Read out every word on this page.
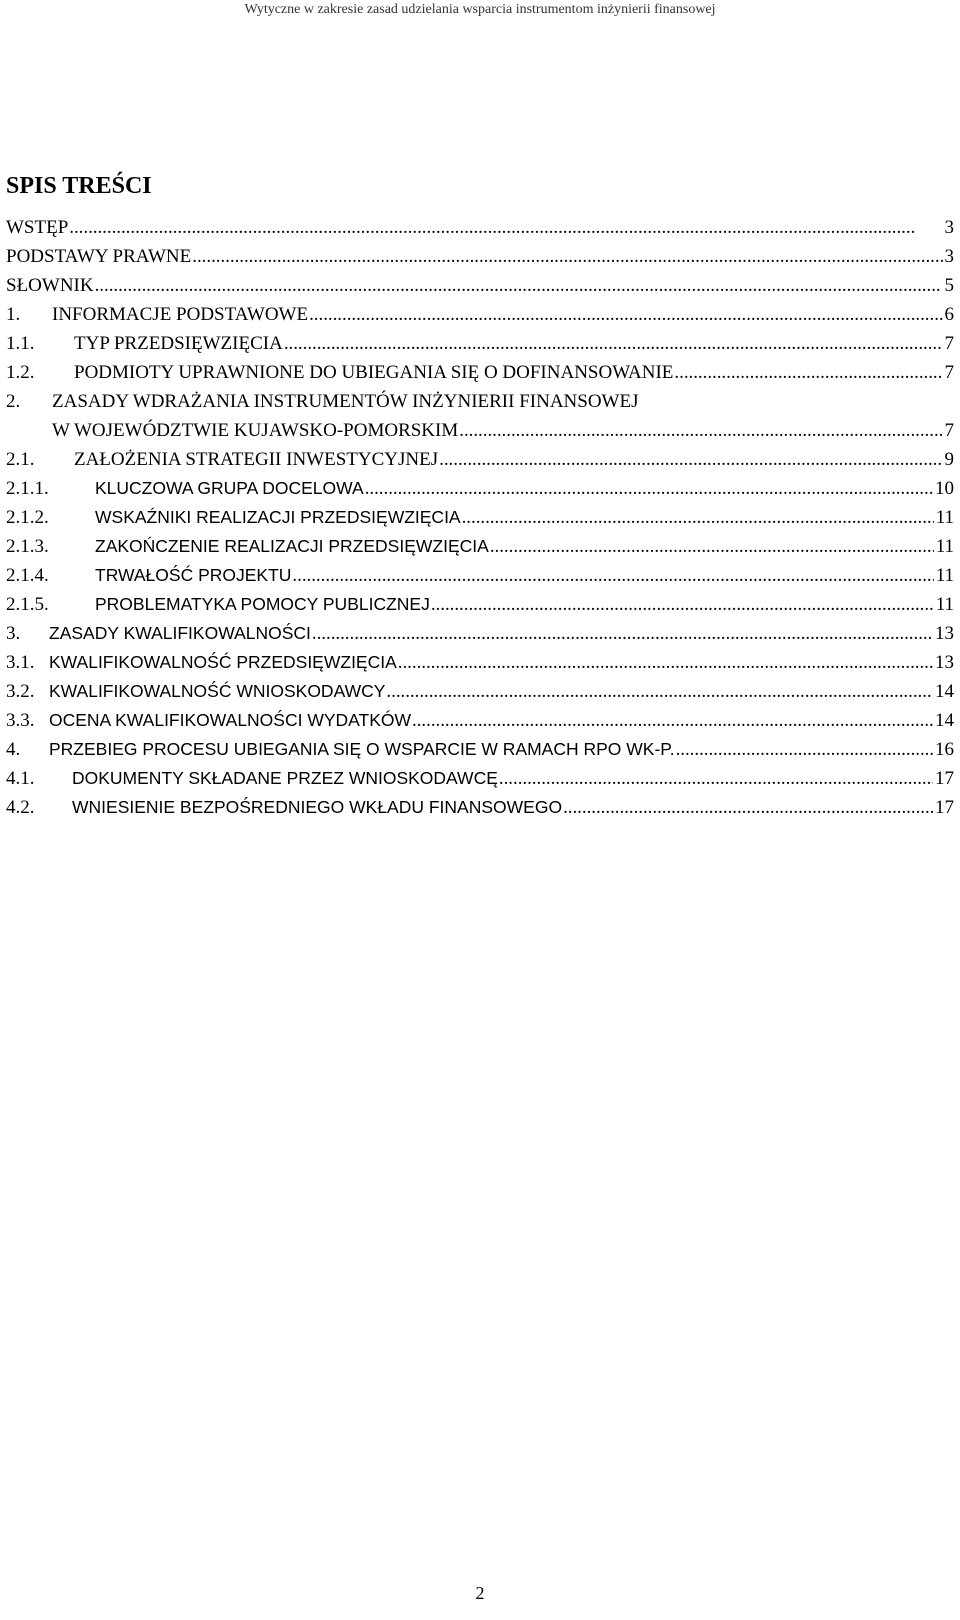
Wytyczne w zakresie zasad udzielania wsparcia instrumentom inżynierii finansowej
SPIS TREŚCI
WSTĘP . . .	3
PODSTAWY PRAWNE . . .	3
SŁOWNIK . . .	5
1. INFORMACJE PODSTAWOWE . . .	6
1.1. TYP PRZEDSIĘWZIĘCIA . . .	7
1.2. PODMIOTY UPRAWNIONE DO UBIEGANIA SIĘ O DOFINANSOWANIE . . .	7
2. ZASADY WDRAŻANIA INSTRUMENTÓW INŻYNIERII FINANSOWEJ
W WOJEWÓDZTWIE KUJAWSKO-POMORSKIM . . .	7
2.1. ZAŁOŻENIA STRATEGII INWESTYCYJNEJ . . .	9
2.1.1.	KLUCZOWA GRUPA DOCELOWA . . .	10
2.1.2.	WSKAŹNIKI REALIZACJI PRZEDSIĘWZIĘCIA . . .	11
2.1.3.	ZAKOŃCZENIE REALIZACJI PRZEDSIĘWZIĘCIA . . .	11
2.1.4.	TRWAŁOŚĆ PROJEKTU . . .	11
2.1.5.	PROBLEMATYKA POMOCY PUBLICZNEJ . . .	11
3. ZASADY KWALIFIKOWALNOŚCI . . .	13
3.1. KWALIFIKOWALNOŚĆ PRZEDSIĘWZIĘCIA . . .	13
3.2. KWALIFIKOWALNOŚĆ WNIOSKODAWCY . . .	14
3.3. OCENA KWALIFIKOWALNOŚCI WYDATKÓW . . .	14
4. PRZEBIEG PROCESU UBIEGANIA SIĘ O WSPARCIE W RAMACH RPO WK-P. . . .	16
4.1. DOKUMENTY SKŁADANE PRZEZ WNIOSKODAWCĘ . . .	17
4.2. WNIESIENIE BEZPOŚREDNIEGO WKŁADU FINANSOWEGO . . .	17
2
